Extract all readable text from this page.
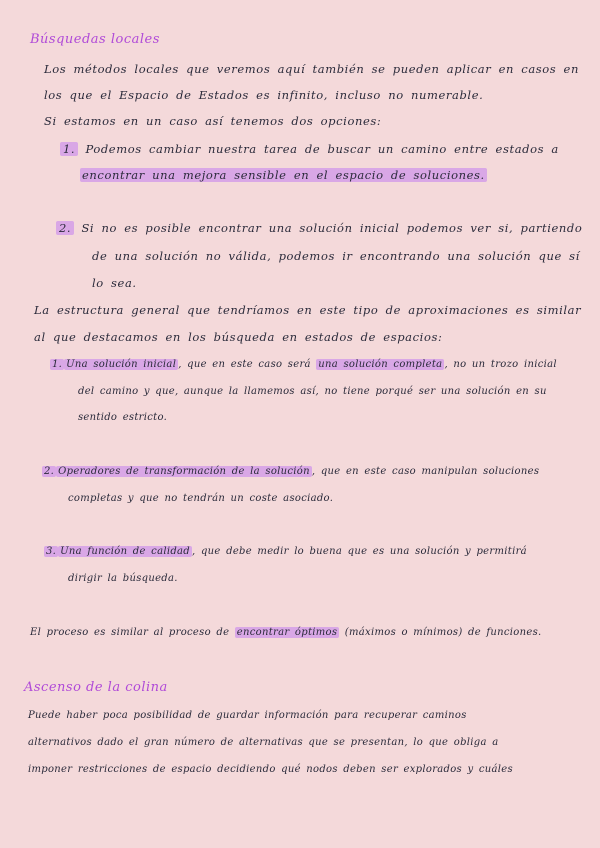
Búsquedas locales
Los métodos locales que veremos aquí también se pueden aplicar en casos en
los que el Espacio de Estados es infinito, incluso no numerable.
Si estamos en un caso así tenemos dos opciones:
1. Podemos cambiar nuestra tarea de buscar un camino entre estados a
encontrar una mejora sensible en el espacio de soluciones.
2. Si no es posible encontrar una solución inicial podemos ver si, partiendo
de una solución no válida, podemos ir encontrando una solución que sí
lo sea.
La estructura general que tendríamos en este tipo de aproximaciones es similar
al que destacamos en los búsqueda en estados de espacios:
1. Una solución inicial , que en este caso será una solución completa , no un trozo inicial
del camino y que, aunque la llamemos así, no tiene porqué ser una solución en su
sentido estricto.
2. Operadores de transformación de la solución , que en este caso manipulan soluciones
completas y que no tendrán un coste asociado.
3. Una función de calidad , que debe medir lo buena que es una solución y permitirá
dirigir la búsqueda.
El proceso es similar al proceso de encontrar óptimos (máximos o mínimos) de funciones.
Ascenso de la colina
Puede haber poca posibilidad de guardar información para recuperar caminos
alternativos dado el gran número de alternativas que se presentan, lo que obliga a
imponer restricciones de espacio decidiendo qué nodos deben ser explorados y cuáles
